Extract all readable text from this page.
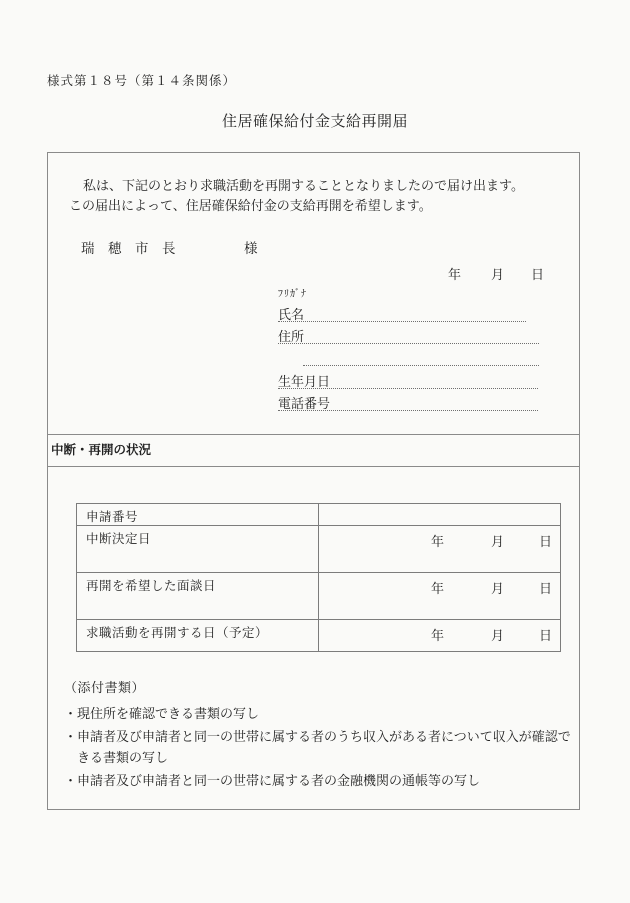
様式第１８号（第１４条関係）
住居確保給付金支給再開届
私は、下記のとおり求職活動を再開することとなりましたので届け出ます。
この届出によって、住居確保給付金の支給再開を希望します。
瑞　穂　市　長	様
年 月 日
ﾌﾘｶﾞﾅ
氏名
住所
生年月日
電話番号
中断・再開の状況
申請番号	
中断決定日	年 月 日

再開を希望した面談日	年 月 日

求職活動を再開する日（予定）	年 月 日
（添付書類）
・ 現住所を確認できる書類の写し
・ 申請者及び申請者と同一の世帯に属する者のうち収入がある者について収入が確認できる書類の写し
・ 申請者及び申請者と同一の世帯に属する者の金融機関の通帳等の写し
